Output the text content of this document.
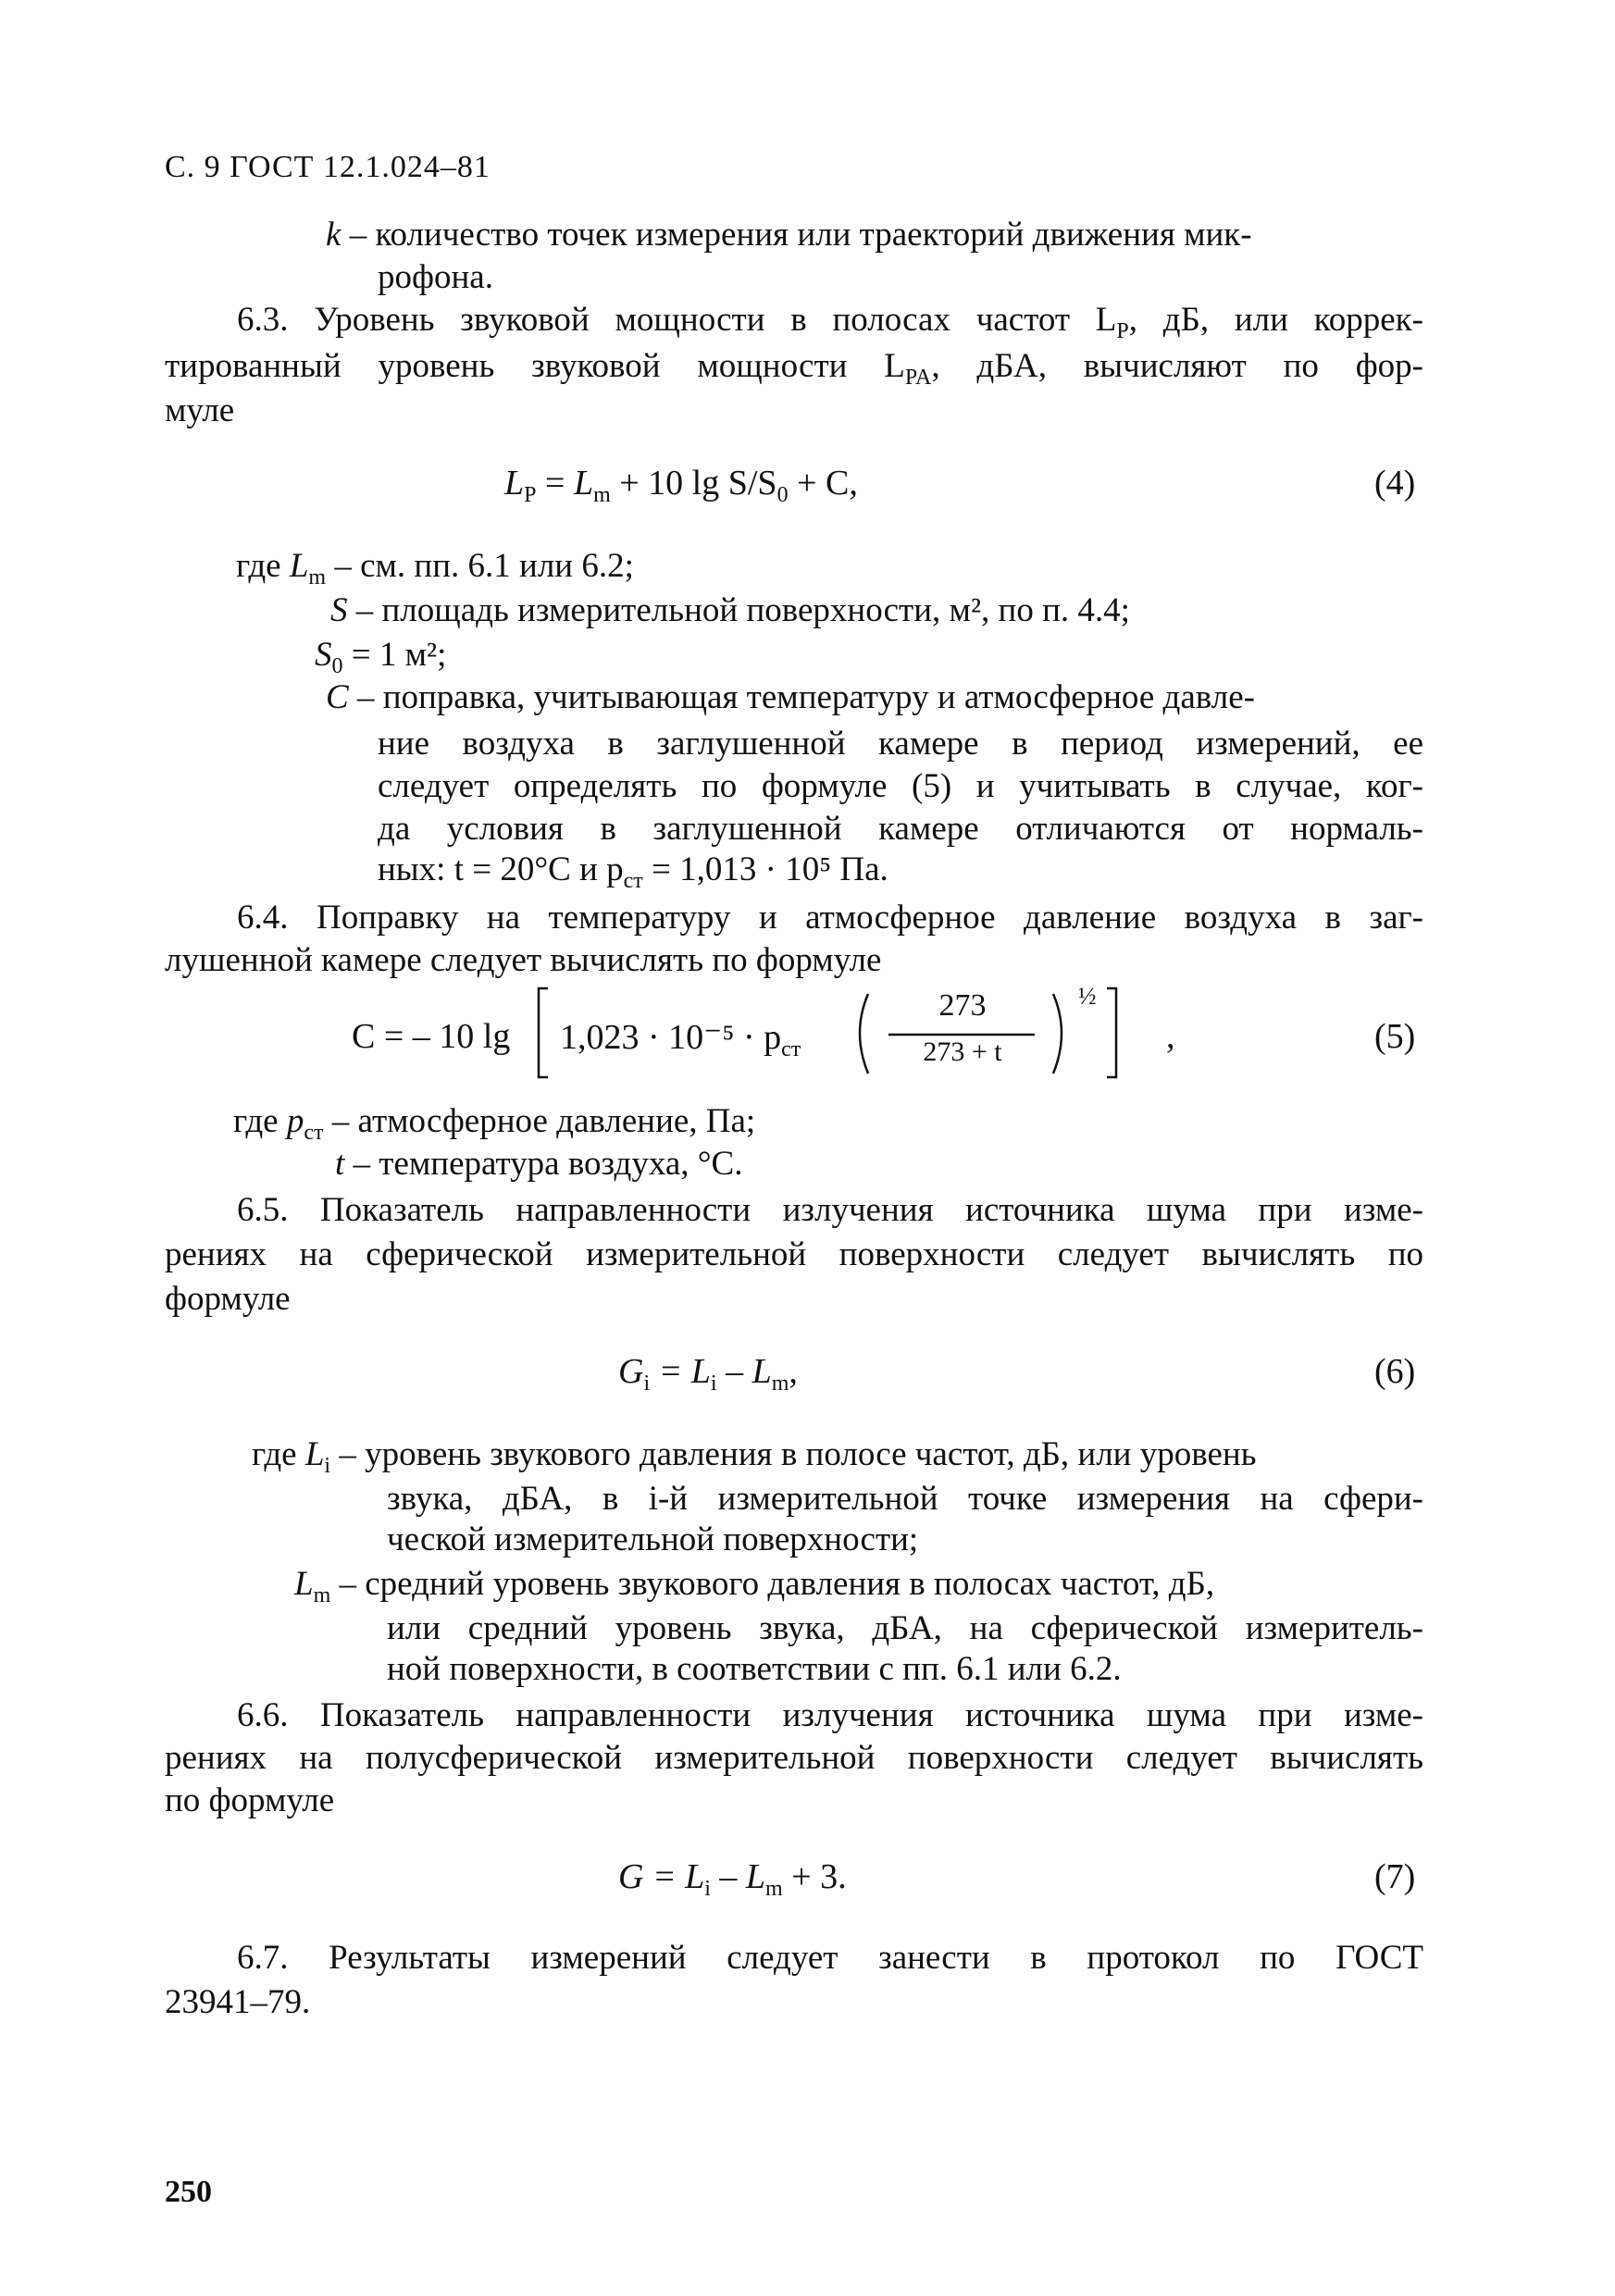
С. 9 ГОСТ 12.1.024–81
k – количество точек измерения или траекторий движения мик-
рофона.
6.3. Уровень звуковой мощности в полосах частот $L_P$, дБ, или коррек-
тированный уровень звуковой мощности $L_{PA}$, дБА, вычисляют по фор-
муле
$L_P = L_m + 10$ $\lg S/S_0 + C$,	(4)
где $L_m$ – см. пп. 6.1 или 6.2;
S – площадь измерительной поверхности, м², по п. 4.4;
$S_0 = 1$ м²;
C – поправка, учитывающая температуру и атмосферное давле-
ние воздуха в заглушенной камере в период измерений, ее
следует определять по формуле (5) и учитывать в случае, ког-
да условия в заглушенной камере отличаются от нормаль-
ных: t = 20°C и $p_{ст} = 1,013 \cdot 10^5$ Па.
6.4. Поправку на температуру и атмосферное давление воздуха в заг-
лушенной камере следует вычислять по формуле
C = – 10 $\lg 1,023 \cdot 10^{-5} \cdot p_{ст}$
273
273 + t
½
,	(5)
где $p_{ст}$ – атмосферное давление, Па;
t – температура воздуха, °C.
6.5. Показатель направленности излучения источника шума при изме-
рениях на сферической измерительной поверхности следует вычислять по
формуле
$G_i = L_i - L_m$,	(6)
где $L_i$ – уровень звукового давления в полосе частот, дБ, или уровень
звука, дБА, в i-й измерительной точке измерения на сфери-
ческой измерительной поверхности;
$L_m$ – средний уровень звукового давления в полосах частот, дБ,
или средний уровень звука, дБА, на сферической измеритель-
ной поверхности, в соответствии с пп. 6.1 или 6.2.
6.6. Показатель направленности излучения источника шума при изме-
рениях на полусферической измерительной поверхности следует вычислять
по формуле
$G = L_i - L_m + 3$.	(7)
6.7. Результаты измерений следует занести в протокол по ГОСТ
23941–79.
250
